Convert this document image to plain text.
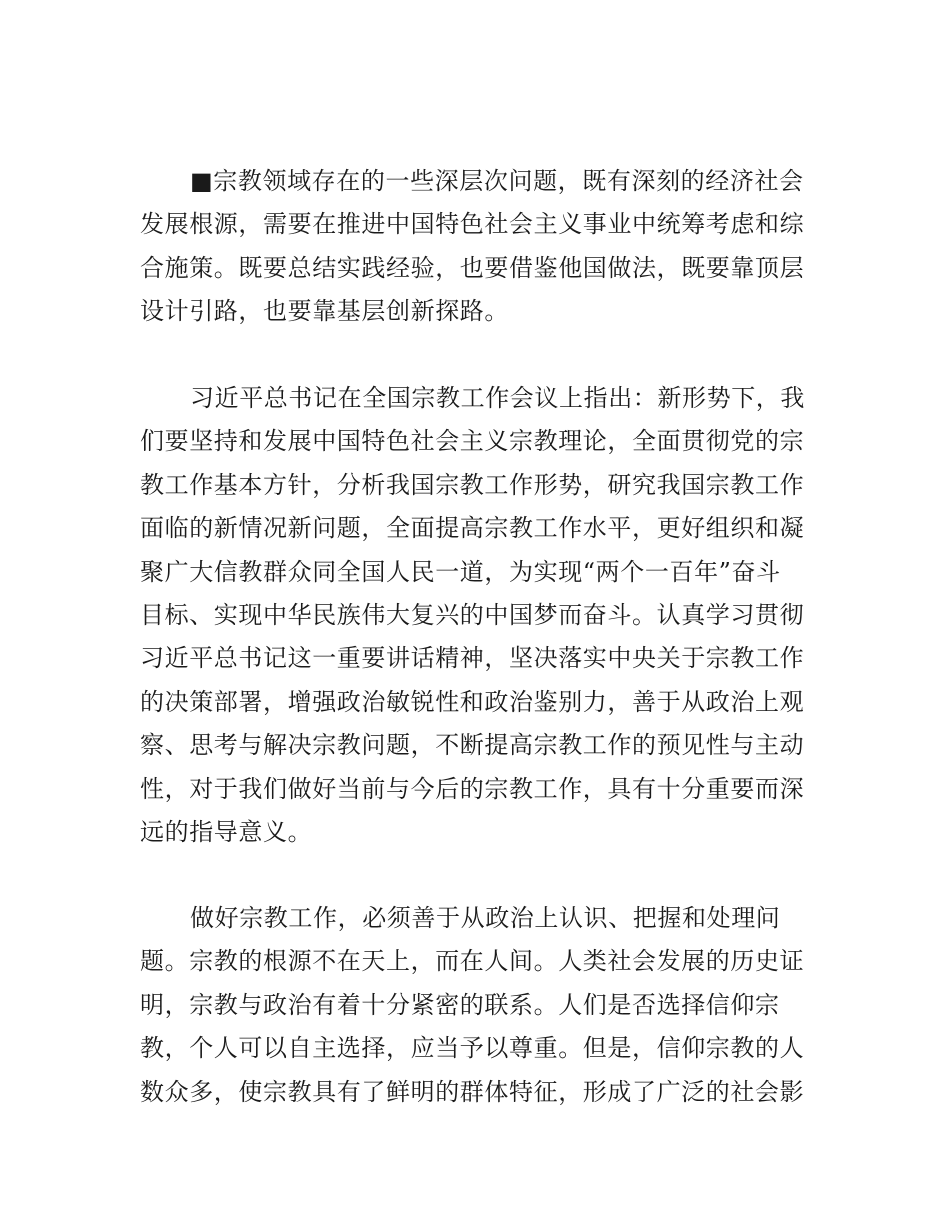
■宗教领域存在的一些深层次问题，既有深刻的经济社会
发展根源，需要在推进中国特色社会主义事业中统筹考虑和综
合施策。既要总结实践经验，也要借鉴他国做法，既要靠顶层
设计引路，也要靠基层创新探路。
习近平总书记在全国宗教工作会议上指出：新形势下，我
们要坚持和发展中国特色社会主义宗教理论，全面贯彻党的宗
教工作基本方针，分析我国宗教工作形势，研究我国宗教工作
面临的新情况新问题，全面提高宗教工作水平，更好组织和凝
聚广大信教群众同全国人民一道，为实现“两个一百年”奋斗
目标、实现中华民族伟大复兴的中国梦而奋斗。认真学习贯彻
习近平总书记这一重要讲话精神，坚决落实中央关于宗教工作
的决策部署，增强政治敏锐性和政治鉴别力，善于从政治上观
察、思考与解决宗教问题，不断提高宗教工作的预见性与主动
性，对于我们做好当前与今后的宗教工作，具有十分重要而深
远的指导意义。
做好宗教工作，必须善于从政治上认识、把握和处理问
题。宗教的根源不在天上，而在人间。人类社会发展的历史证
明，宗教与政治有着十分紧密的联系。人们是否选择信仰宗
教，个人可以自主选择，应当予以尊重。但是，信仰宗教的人
数众多，使宗教具有了鲜明的群体特征，形成了广泛的社会影
